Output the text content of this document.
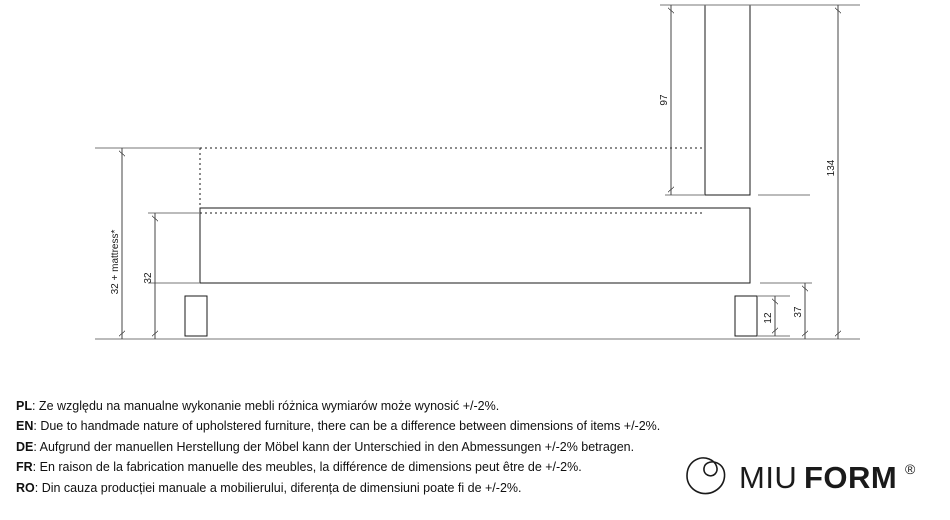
97
134
32 + mattress* 32
37
12
PL: Ze względu na manualne wykonanie mebli różnica wymiarów może wynosić +/-2%.
EN: Due to handmade nature of upholstered furniture, there can be a difference between dimensions of items +/-2%.
DE: Aufgrund der manuellen Herstellung der Möbel kann der Unterschied in den Abmessungen +/-2% betragen.
FR: En raison de la fabrication manuelle des meubles, la différence de dimensions peut être de +/-2%.
RO: Din cauza producției manuale a mobilierului, diferența de dimensiuni poate fi de +/-2%.	MIU FORM ®
